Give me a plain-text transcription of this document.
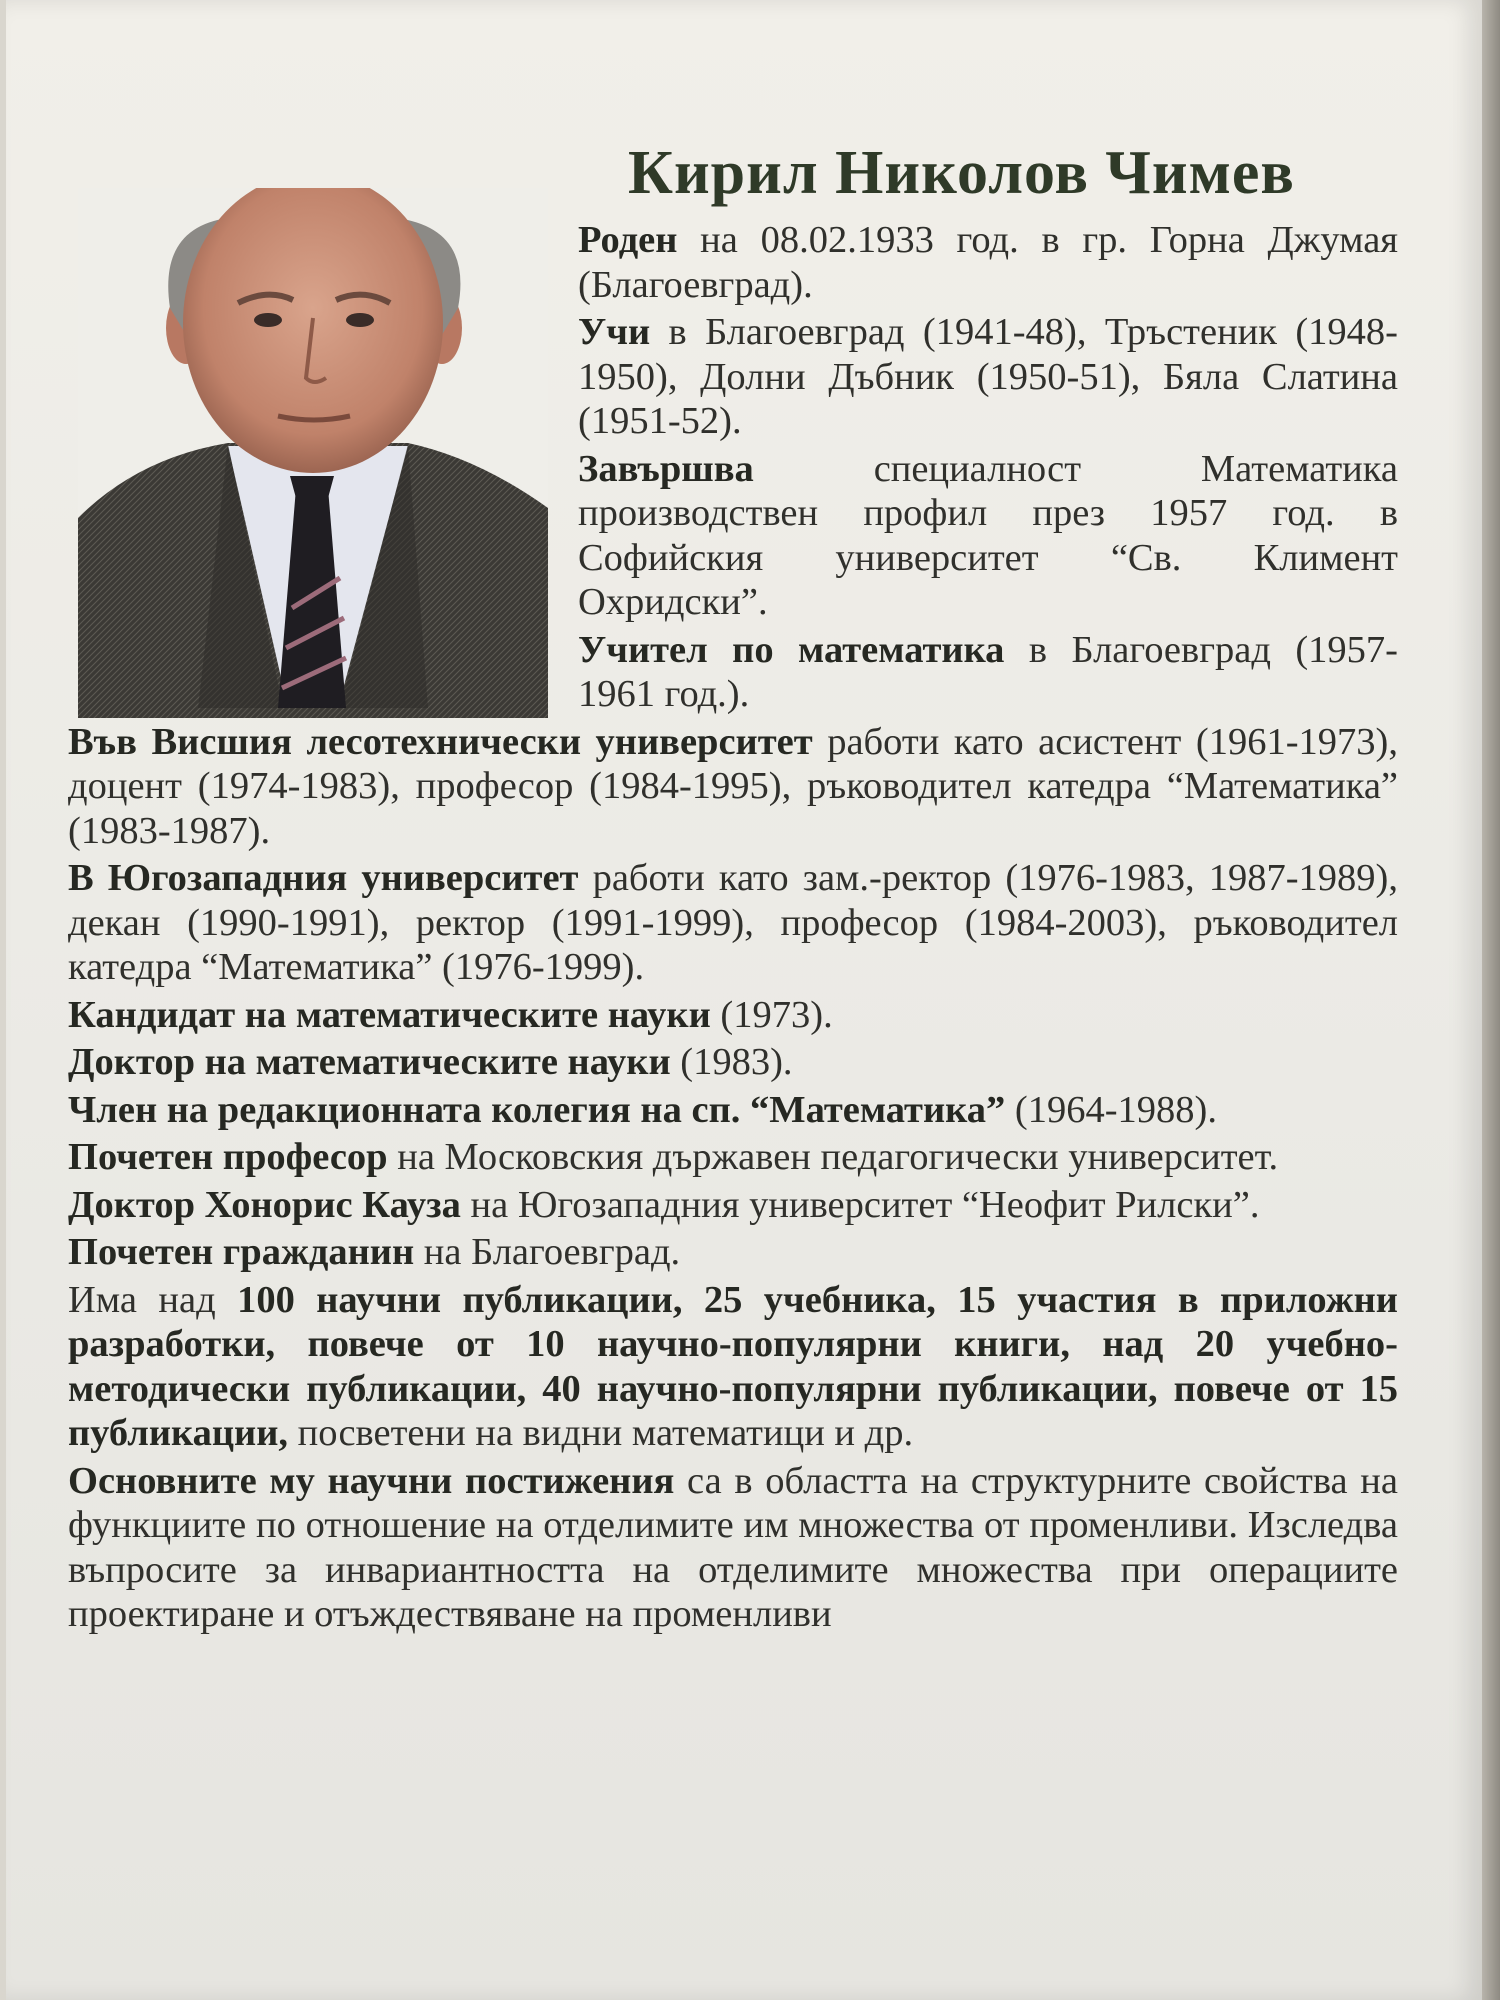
Кирил Николов Чимев

Роден на 08.02.1933 год. в гр. Горна Джумая (Благоевград).

Учи в Благоевград (1941-48), Тръстеник (1948-1950), Долни Дъбник (1950-51), Бяла Слатина (1951-52).

Завършва специалност Математика производствен профил през 1957 год. в Софийския университет “Св. Климент Охридски”.

Учител по математика в Благоевград (1957-1961 год.).

Във Висшия лесотехнически университет работи като асистент (1961-1973), доцент (1974-1983), професор (1984-1995), ръководител катедра “Математика” (1983-1987).

В Югозападния университет работи като зам.-ректор (1976-1983, 1987-1989), декан (1990-1991), ректор (1991-1999), професор (1984-2003), ръководител катедра “Математика” (1976-1999).

Кандидат на математическите науки (1973).

Доктор на математическите науки (1983).

Член на редакционната колегия на сп. “Математика” (1964-1988).

Почетен професор на Московския държавен педагогически университет.

Доктор Хонорис Кауза на Югозападния университет “Неофит Рилски”.

Почетен гражданин на Благоевград.

Има над 100 научни публикации, 25 учебника, 15 участия в приложни разработки, повече от 10 научно-популярни книги, над 20 учебно-методически публикации, 40 научно-популярни публикации, повече от 15 публикации, посветени на видни математици и др.

Основните му научни постижения са в областта на структурните свойства на функциите по отношение на отделимите им множества от променливи. Изследва въпросите за инвариантността на отделимите множества при операциите проектиране и отъждествяване на променливи
